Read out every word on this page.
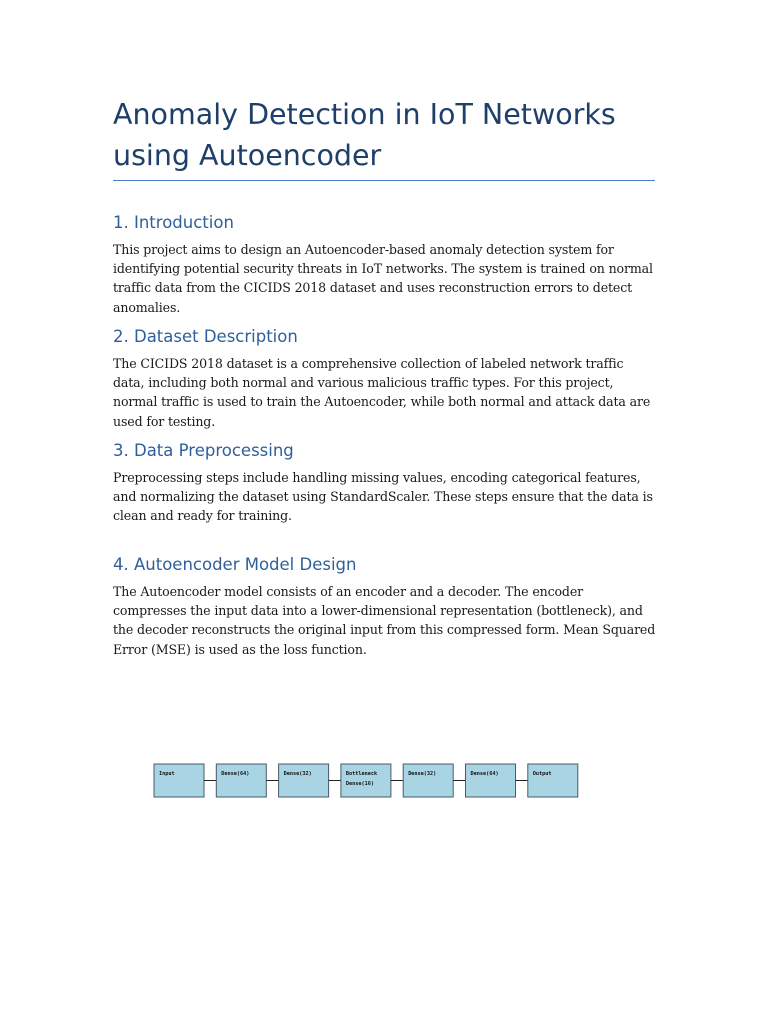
Anomaly Detection in IoT Networks using Autoencoder
1. Introduction

This project aims to design an Autoencoder-based anomaly detection system for identifying potential security threats in IoT networks. The system is trained on normal traffic data from the CICIDS 2018 dataset and uses reconstruction errors to detect anomalies.

2. Dataset Description

The CICIDS 2018 dataset is a comprehensive collection of labeled network traffic data, including both normal and various malicious traffic types. For this project, normal traffic is used to train the Autoencoder, while both normal and attack data are used for testing.

3. Data Preprocessing

Preprocessing steps include handling missing values, encoding categorical features, and normalizing the dataset using StandardScaler. These steps ensure that the data is clean and ready for training.

4. Autoencoder Model Design

The Autoencoder model consists of an encoder and a decoder. The encoder compresses the input data into a lower-dimensional representation (bottleneck), and the decoder reconstructs the original input from this compressed form. Mean Squared Error (MSE) is used as the loss function.

Input	Dense(64)	Dense(32)	Bottleneck
Dense(16)
Dense(32)	Dense(64)	Output
